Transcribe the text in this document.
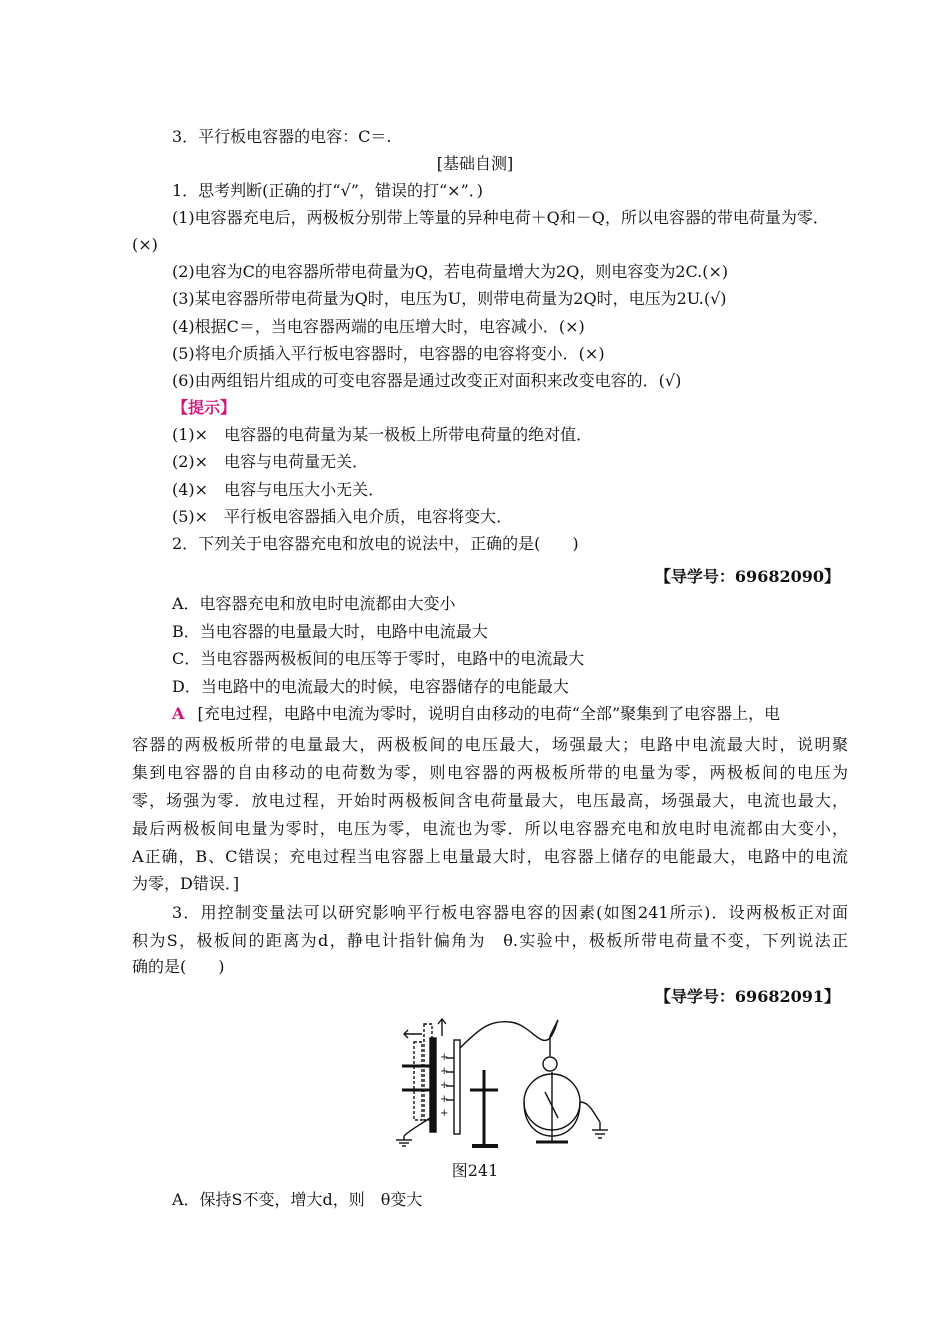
3．平行板电容器的电容：C＝.
[基础自测]
1．思考判断(正确的打“√”，错误的打“×”．)
(1)电容器充电后，两极板分别带上等量的异种电荷＋Q和－Q，所以电容器的带电荷量为零．
(×)
(2)电容为C的电容器所带电荷量为Q，若电荷量增大为2Q，则电容变为2C.(×)
(3)某电容器所带电荷量为Q时，电压为U，则带电荷量为2Q时，电压为2U.(√)
(4)根据C＝，当电容器两端的电压增大时，电容减小．(×)
(5)将电介质插入平行板电容器时，电容器的电容将变小．(×)
(6)由两组铝片组成的可变电容器是通过改变正对面积来改变电容的．(√)
【提示】
(1)×　电容器的电荷量为某一极板上所带电荷量的绝对值．
(2)×　电容与电荷量无关．
(4)×　电容与电压大小无关．
(5)×　平行板电容器插入电介质，电容将变大．
2．下列关于电容器充电和放电的说法中，正确的是(　　)
【导学号：69682090】
A．电容器充电和放电时电流都由大变小
B．当电容器的电量最大时，电路中电流最大
C．当电容器两极板间的电压等于零时，电路中的电流最大
D．当电路中的电流最大的时候，电容器储存的电能最大
A [充电过程，电路中电流为零时，说明自由移动的电荷“全部”聚集到了电容器上，电
容器的两极板所带的电量最大，两极板间的电压最大，场强最大；电路中电流最大时，说明聚
集到电容器的自由移动的电荷数为零，则电容器的两极板所带的电量为零，两极板间的电压为
零，场强为零．放电过程，开始时两极板间含电荷量最大，电压最高，场强最大，电流也最大，
最后两极板间电量为零时，电压为零，电流也为零．所以电容器充电和放电时电流都由大变小，
A正确，B、C错误；充电过程当电容器上电量最大时，电容器上储存的电能最大，电路中的电流
为零，D错误．]
3．用控制变量法可以研究影响平行板电容器电容的因素(如图241所示)．设两极板正对面
积为S，极板间的距离为d，静电计指针偏角为　θ.实验中，极板所带电荷量不变，下列说法正
确的是(　　)
【导学号：69682091】
+
+
+
+
+
图241
A．保持S不变，增大d，则　θ变大
